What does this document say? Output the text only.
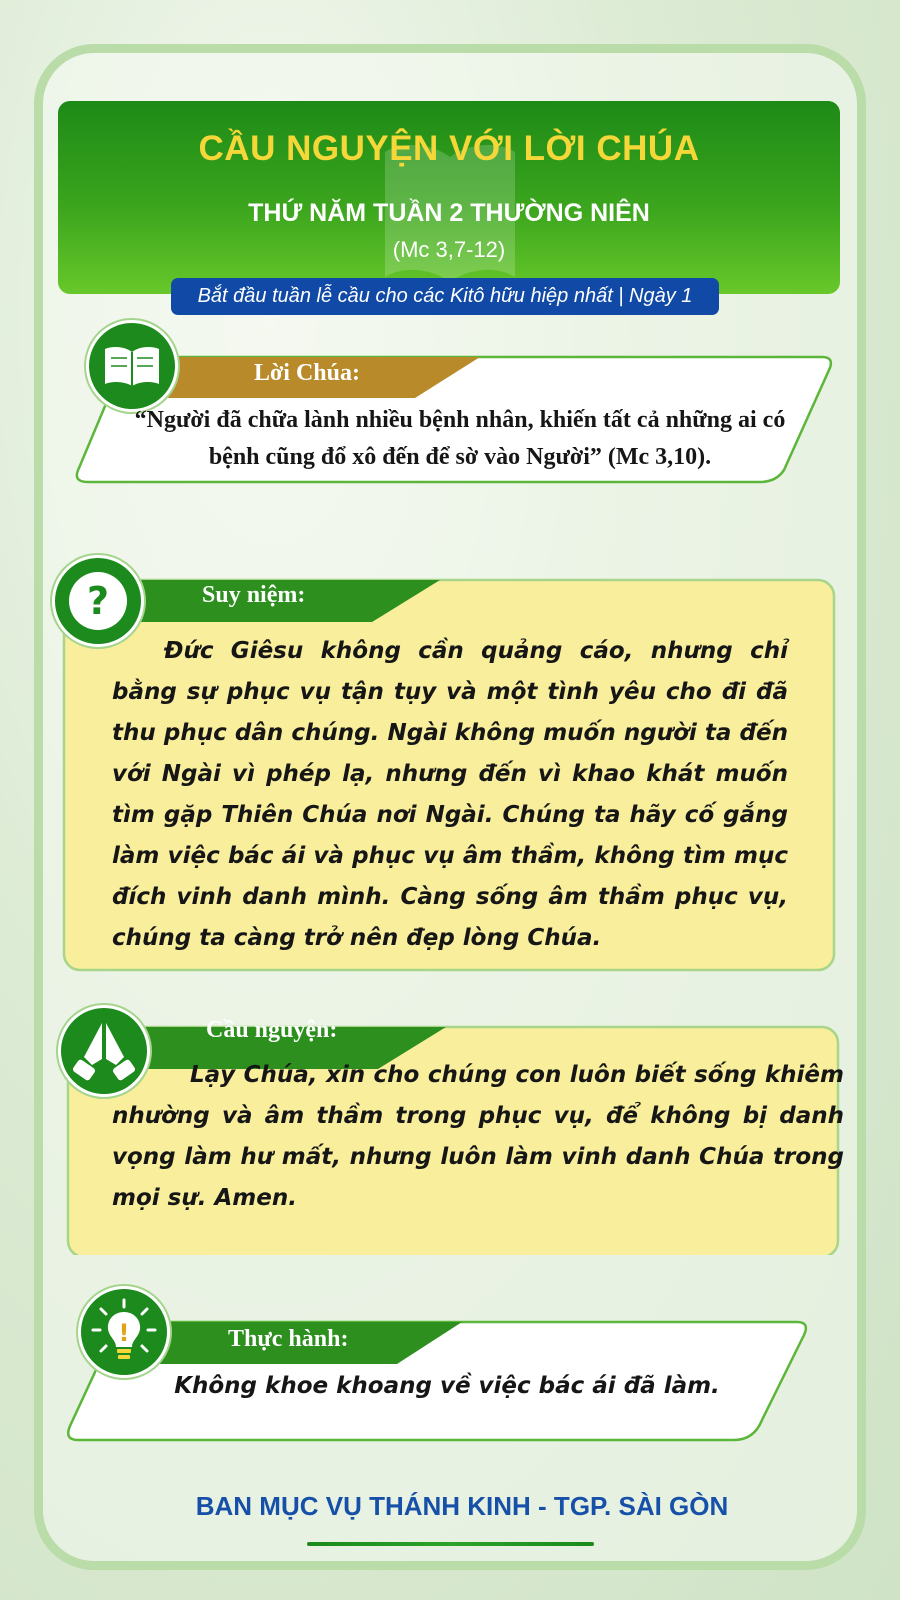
CẦU NGUYỆN VỚI LỜI CHÚA
THỨ NĂM TUẦN 2 THƯỜNG NIÊN
(Mc 3,7-12)
Bắt đầu tuần lễ cầu cho các Kitô hữu hiệp nhất | Ngày 1
Lời Chúa:
“Người đã chữa lành nhiều bệnh nhân, khiến tất cả những ai có bệnh cũng đổ xô đến để sờ vào Người” (Mc 3,10).
?	Suy niệm:
Đức Giêsu không cần quảng cáo, nhưng chỉ bằng sự phục vụ tận tụy và một tình yêu cho đi đã thu phục dân chúng. Ngài không muốn người ta đến với Ngài vì phép lạ, nhưng đến vì khao khát muốn tìm gặp Thiên Chúa nơi Ngài. Chúng ta hãy cố gắng làm việc bác ái và phục vụ âm thầm, không tìm mục đích vinh danh mình. Càng sống âm thầm phục vụ, chúng ta càng trở nên đẹp lòng Chúa.
Cầu nguyện:
Lạy Chúa, xin cho chúng con luôn biết sống khiêm nhường và âm thầm trong phục vụ, để không bị danh vọng làm hư mất, nhưng luôn làm vinh danh Chúa trong mọi sự. Amen.
!	Thực hành:
Không khoe khoang về việc bác ái đã làm.
BAN MỤC VỤ THÁNH KINH - TGP. SÀI GÒN
